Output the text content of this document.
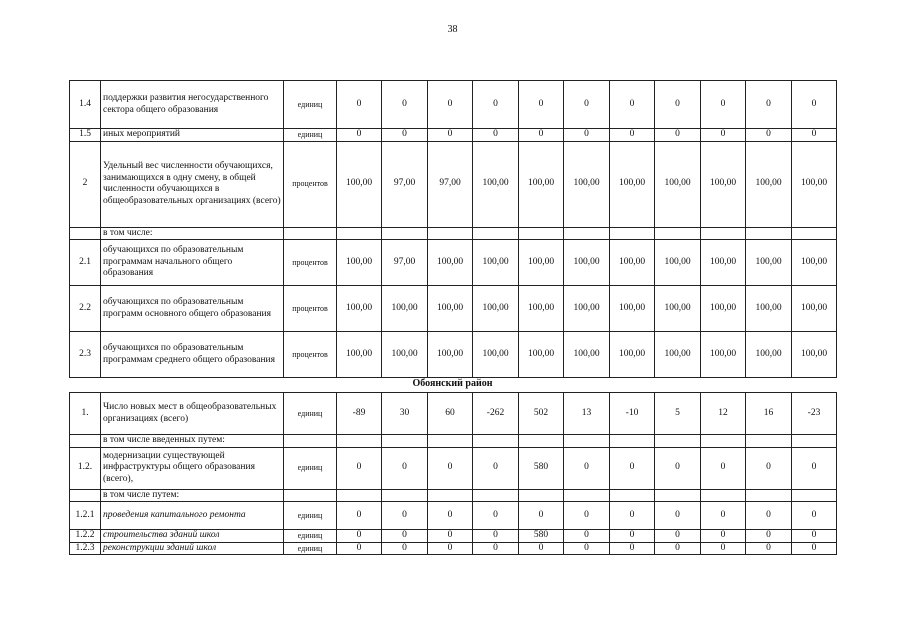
38
1.4	поддержки развития негосударственного сектора общего образования	единиц	0	0	0	0	0	0	0	0	0	0	0
1.5	иных мероприятий	единиц	0	0	0	0	0	0	0	0	0	0	0
2	Удельный вес численности обучающихся, занимающихся в одну смену, в общей численности обучающихся в общеобразовательных организациях (всего)	процентов	100,00	97,00	97,00	100,00	100,00	100,00	100,00	100,00	100,00	100,00	100,00
	в том числе:												
2.1	обучающихся по образовательным программам начального общего образования	процентов	100,00	97,00	100,00	100,00	100,00	100,00	100,00	100,00	100,00	100,00	100,00
2.2	обучающихся по образовательным программ основного общего образования	процентов	100,00	100,00	100,00	100,00	100,00	100,00	100,00	100,00	100,00	100,00	100,00
2.3	обучающихся по образовательным программам среднего общего образования	процентов	100,00	100,00	100,00	100,00	100,00	100,00	100,00	100,00	100,00	100,00	100,00
Обоянский район
1.	Число новых мест в общеобразовательных организациях (всего)	единиц	-89	30	60	-262	502	13	-10	5	12	16	-23
	в том числе введенных путем:												
1.2.	модернизации существующей инфраструктуры общего образования (всего),	единиц	0	0	0	0	580	0	0	0	0	0	0
	в том числе путем:												
1.2.1	проведения капитального ремонта	единиц	0	0	0	0	0	0	0	0	0	0	0
1.2.2	строительства зданий школ	единиц	0	0	0	0	580	0	0	0	0	0	0
1.2.3	реконструкции зданий школ	единиц	0	0	0	0	0	0	0	0	0	0	0
